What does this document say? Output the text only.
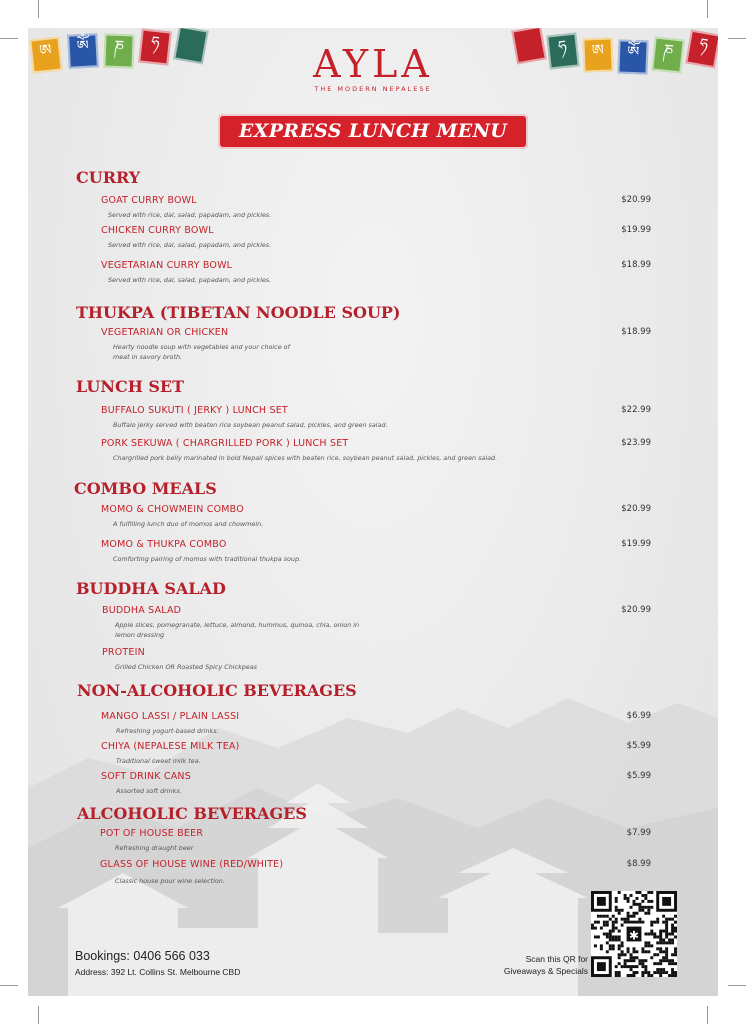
ཨ	ༀ	ཎ	ཧ	ཧ	ཨ	ༀ	ཎ	ཧ
AYLA
THE MODERN NEPALESE
EXPRESS LUNCH MENU
CURRY
GOAT CURRY BOWL	$20.99
Served with rice, dal, salad, papadam, and pickles.
CHICKEN CURRY BOWL	$19.99
Served with rice, dal, salad, papadam, and pickles.
VEGETARIAN CURRY BOWL	$18.99
Served with rice, dal, salad, papadam, and pickles.
THUKPA (TIBETAN NOODLE SOUP)
VEGETARIAN OR CHICKEN	$18.99
Hearty noodle soup with vegetables and your choice of
meat in savory broth.
LUNCH SET
BUFFALO SUKUTI ( JERKY ) LUNCH SET	$22.99
Buffalo jerky served with beaten rice soybean peanut salad, pickles, and green salad.
PORK SEKUWA ( CHARGRILLED PORK ) LUNCH SET	$23.99
Chargrilled pork belly marinated in bold Nepali spices with beaten rice, soybean peanut salad, pickles, and green salad.
COMBO MEALS
MOMO & CHOWMEIN COMBO	$20.99
A fulfilling lunch duo of momos and chowmein.
MOMO & THUKPA COMBO	$19.99
Comforting pairing of momos with traditional thukpa soup.
BUDDHA SALAD
BUDDHA SALAD	$20.99
Apple slices, pomegranate, lettuce, almond, hummus, quinoa, chia, onion in
lemon dressing
PROTEIN
Grilled Chicken OR Roasted Spicy Chickpeas
NON-ALCOHOLIC BEVERAGES
MANGO LASSI / PLAIN LASSI	$6.99
Refreshing yogurt-based drinks.
CHIYA (NEPALESE MILK TEA)	$5.99
Traditional sweet milk tea.
SOFT DRINK CANS	$5.99
Assorted soft drinks.
ALCOHOLIC BEVERAGES
POT OF HOUSE BEER	$7.99
Refreshing draught beer
GLASS OF HOUSE WINE (RED/WHITE)	$8.99
Classic house pour wine selection.
Bookings: 0406 566 033
Address: 392 Lt. Collins St. Melbourne CBD
Scan this QR for
Giveaways & Specials
✱
